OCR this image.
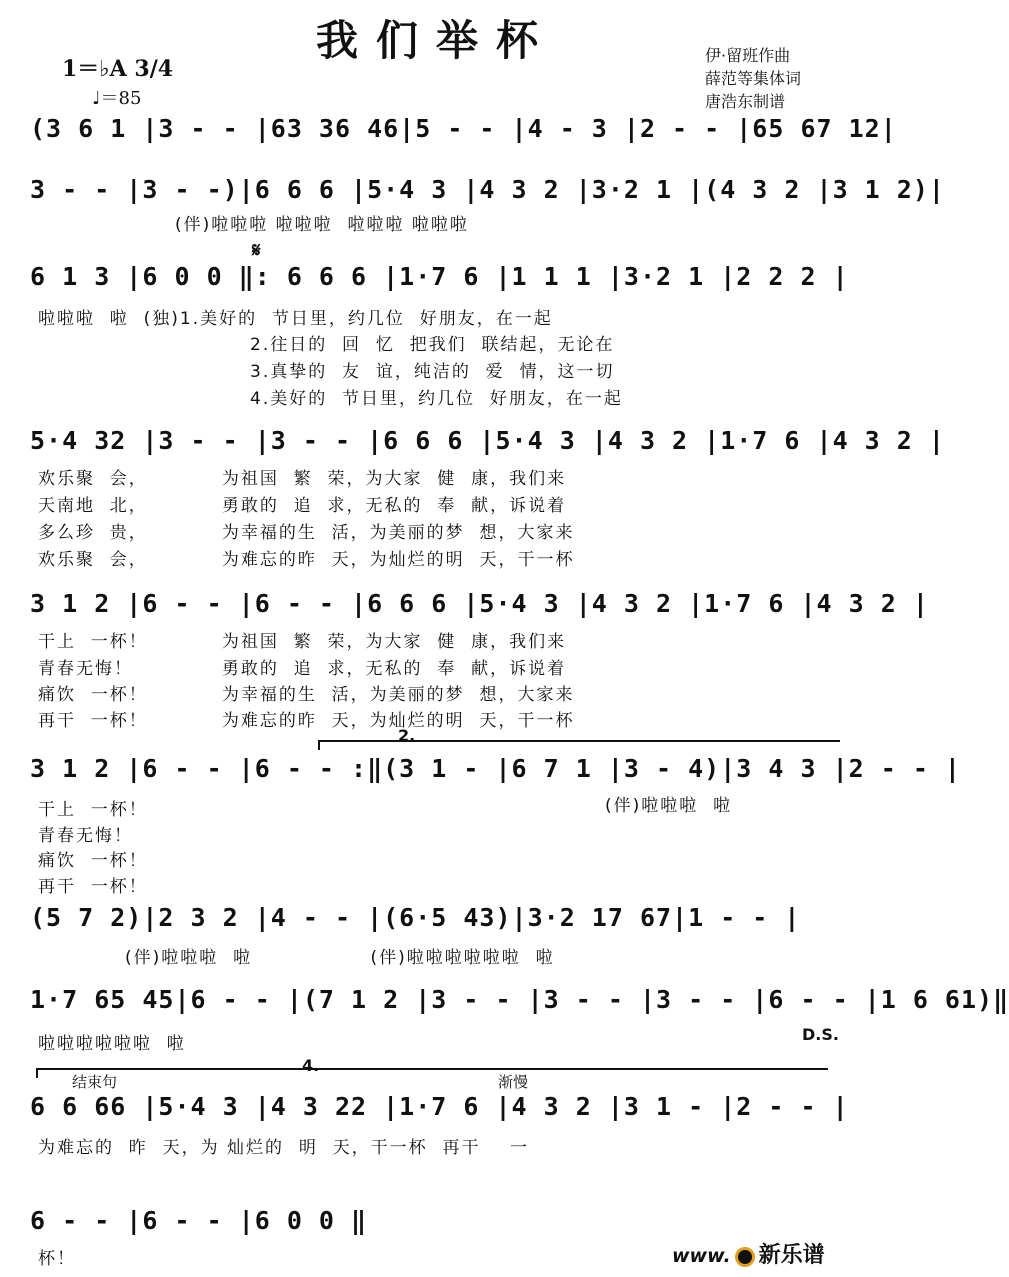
我们举杯
1＝♭A 3/4
♩＝85
伊·留班作曲
薛范等集体词
唐浩东制谱
(3 6 1 |3 - - |63 36 46|5 - - |4 - 3 |2 - - |65 67 12|
3 - - |3 - -)|6 6 6 |5·4 3 |4 3 2 |3·2 1 |(4 3 2 |3 1 2)|
(伴)啦啦啦 啦啦啦  啦啦啦 啦啦啦
𝄋
6 1 3 |6 0 0 ‖: 6 6 6 |1·7 6 |1 1 1 |3·2 1 |2 2 2 |
啦啦啦  啦  (独)1.美好的  节日里，约几位  好朋友，在一起
2.往日的  回  忆  把我们  联结起，无论在
3.真挚的  友  谊，纯洁的  爱  情，这一切
4.美好的  节日里，约几位  好朋友，在一起
5·4 32 |3 - - |3 - - |6 6 6 |5·4 3 |4 3 2 |1·7 6 |4 3 2 |
欢乐聚  会，          为祖国  繁  荣，为大家  健  康，我们来
天南地  北，          勇敢的  追  求，无私的  奉  献，诉说着
多么珍  贵，          为幸福的生  活，为美丽的梦  想，大家来
欢乐聚  会，          为难忘的昨  天，为灿烂的明  天，干一杯
3 1 2 |6 - - |6 - - |6 6 6 |5·4 3 |4 3 2 |1·7 6 |4 3 2 |
干上  一杯！          为祖国  繁  荣，为大家  健  康，我们来
青春无悔！            勇敢的  追  求，无私的  奉  献，诉说着
痛饮  一杯！          为幸福的生  活，为美丽的梦  想，大家来
再干  一杯！          为难忘的昨  天，为灿烂的明  天，干一杯
2.
3 1 2 |6 - - |6 - - :‖(3 1 - |6 7 1 |3 - 4)|3 4 3 |2 - - |
(伴)啦啦啦  啦
干上  一杯！
青春无悔！
痛饮  一杯！
再干  一杯！
(5 7 2)|2 3 2 |4 - - |(6·5 43)|3·2 17 67|1 - - |
(伴)啦啦啦  啦                (伴)啦啦啦啦啦啦  啦
1·7 65 45|6 - - |(7 1 2 |3 - - |3 - - |3 - - |6 - - |1 6 61)‖
啦啦啦啦啦啦  啦	D.S.
4.
结束句	渐慢
6 6 66 |5·4 3 |4 3 22 |1·7 6 |4 3 2 |3 1 - |2 - - |
为难忘的  昨  天，为 灿烂的  明  天，干一杯  再干    一
6 - - |6 - - |6 0 0 ‖
杯！	www. 新乐谱
